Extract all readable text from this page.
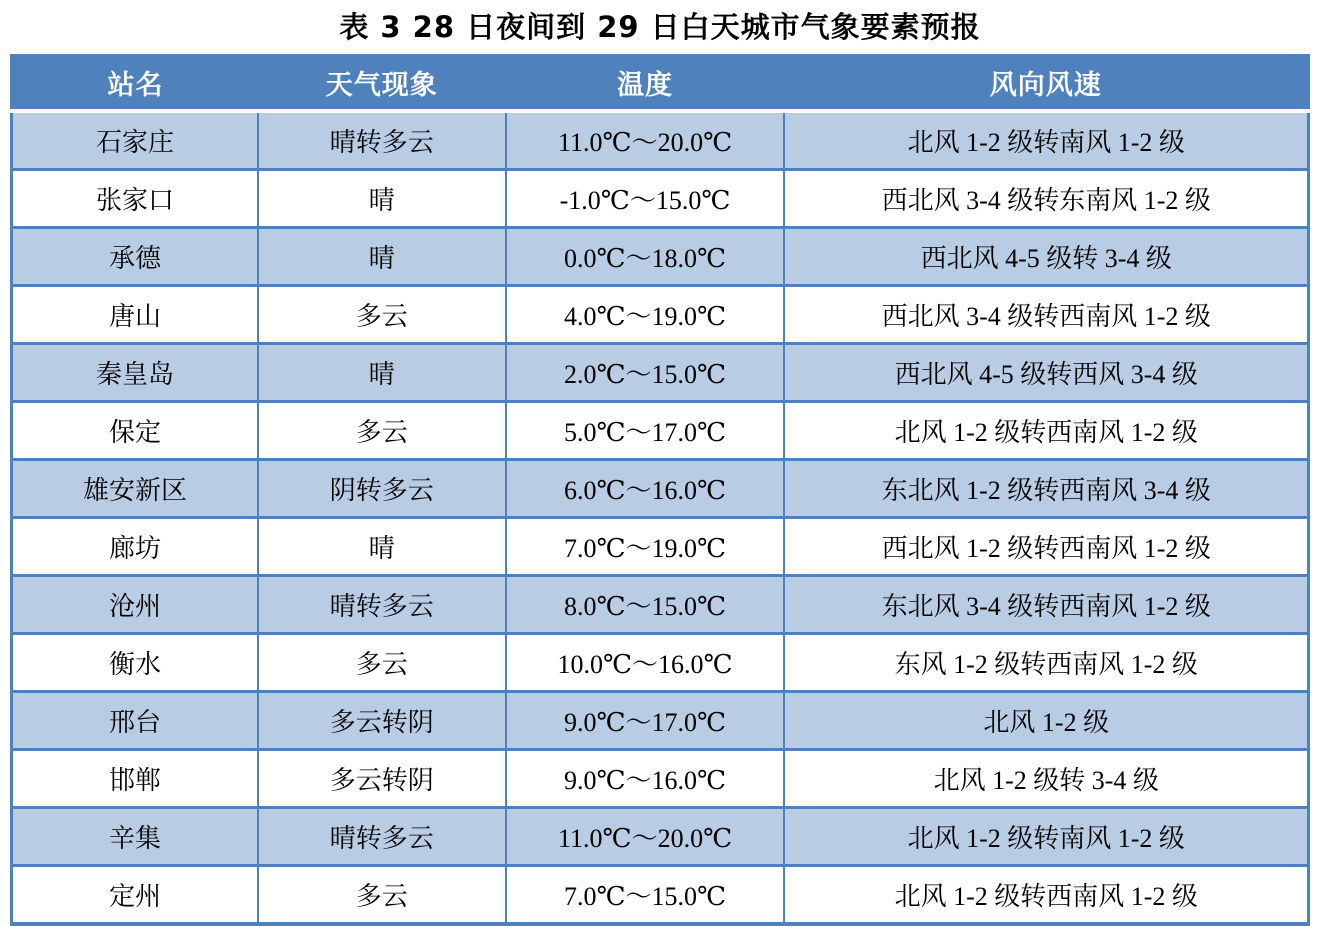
表 3 28 日夜间到 29 日白天城市气象要素预报
站名	天气现象	温度	风向风速
石家庄	晴转多云	11.0℃～20.0℃	北风 1-2 级转南风 1-2 级
张家口	晴	-1.0℃～15.0℃	西北风 3-4 级转东南风 1-2 级
承德	晴	0.0℃～18.0℃	西北风 4-5 级转 3-4 级
唐山	多云	4.0℃～19.0℃	西北风 3-4 级转西南风 1-2 级
秦皇岛	晴	2.0℃～15.0℃	西北风 4-5 级转西风 3-4 级
保定	多云	5.0℃～17.0℃	北风 1-2 级转西南风 1-2 级
雄安新区	阴转多云	6.0℃～16.0℃	东北风 1-2 级转西南风 3-4 级
廊坊	晴	7.0℃～19.0℃	西北风 1-2 级转西南风 1-2 级
沧州	晴转多云	8.0℃～15.0℃	东北风 3-4 级转西南风 1-2 级
衡水	多云	10.0℃～16.0℃	东风 1-2 级转西南风 1-2 级
邢台	多云转阴	9.0℃～17.0℃	北风 1-2 级
邯郸	多云转阴	9.0℃～16.0℃	北风 1-2 级转 3-4 级
辛集	晴转多云	11.0℃～20.0℃	北风 1-2 级转南风 1-2 级
定州	多云	7.0℃～15.0℃	北风 1-2 级转西南风 1-2 级
